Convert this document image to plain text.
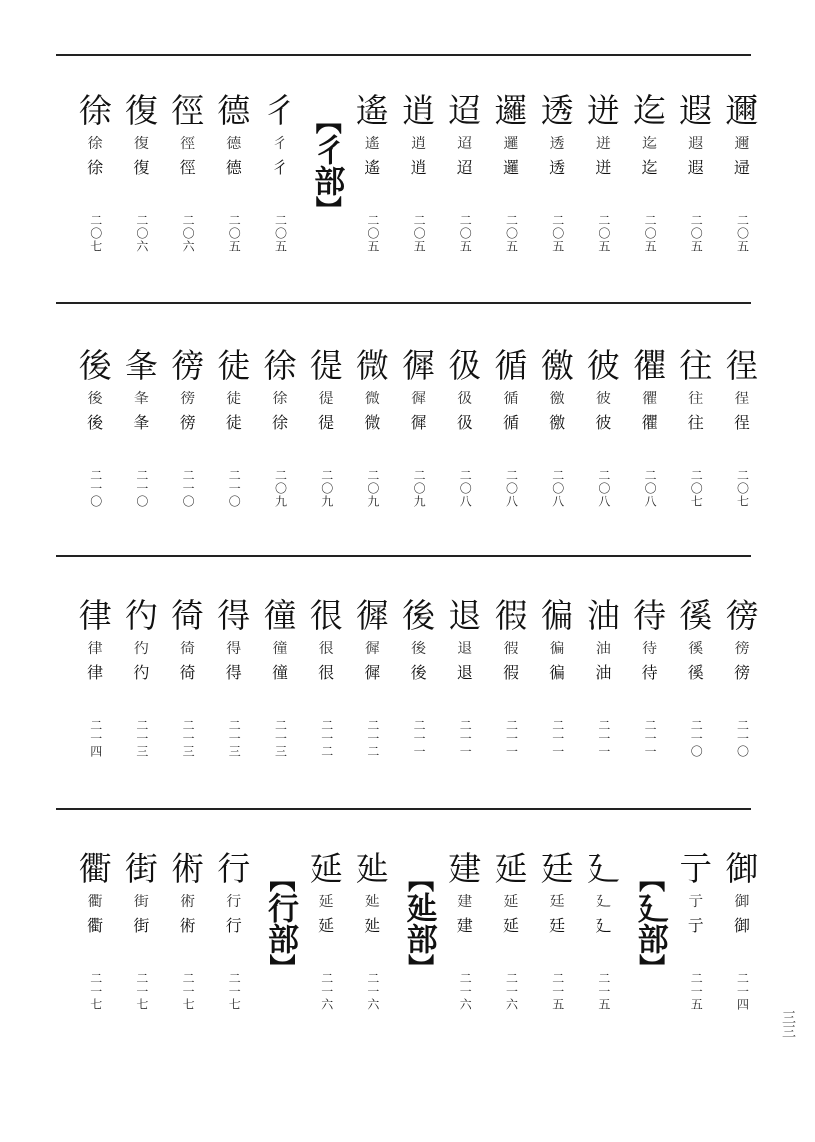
邇
邇
䢜
二〇五
遐
遐
遐
二〇五
迄
迄
迄
二〇五
迸
迸
迸
二〇五
透
透
透
二〇五
邏
邏
邏
二〇五
迢
迢
迢
二〇五
逍
逍
逍
二〇五
遙
遙
遙
二〇五
【
彳部
】
彳
彳
彳
二〇五
德
德
德
二〇五
徑
徑
徑
二〇六
復
復
復
二〇六
徐
徐
徐
二〇七
徎
徎
徎
二〇七
往
往
往
二〇七
忂
忂
忂
二〇八
彼
彼
彼
二〇八
徼
徼
徼
二〇八
循
循
循
二〇八
彶
彶
彶
二〇八
徲
徲
徲
二〇九
微
微
微
二〇九
徥
徥
徥
二〇九
徐
徐
徐
二〇九
徒
徒
徒
二一〇
徬
徬
徬
二一〇
夆
夆
夆
二一〇
後
後
後
二一〇
徬
徬
徬
二一〇
徯
徯
徯
二一〇
待
待
待
二一一
油
油
油
二一一
徧
徧
徧
二一一
徦
徦
徦
二一一
退
退
退
二一一
後
後
後
二一一
徲
徲
徲
二一二
很
很
很
二一二
徸
徸
徸
二一三
得
得
得
二一三
徛
徛
徛
二一三
彴
彴
彴
二一三
律
律
律
二一四
御
御
御
二一四
亍
亍
亍
二一五
【
廴部
】
廴
廴
廴
二一五
廷
廷
廷
二一五
延
延
延
二一六
建
建
建
二一六
【
㢟部
】
㢟
㢟
㢟
二一六
延
延
延
二一六
【
行部
】
行
行
行
二一七
術
術
術
二一七
街
街
街
二一七
衢
衢
衢
二一七
三三
